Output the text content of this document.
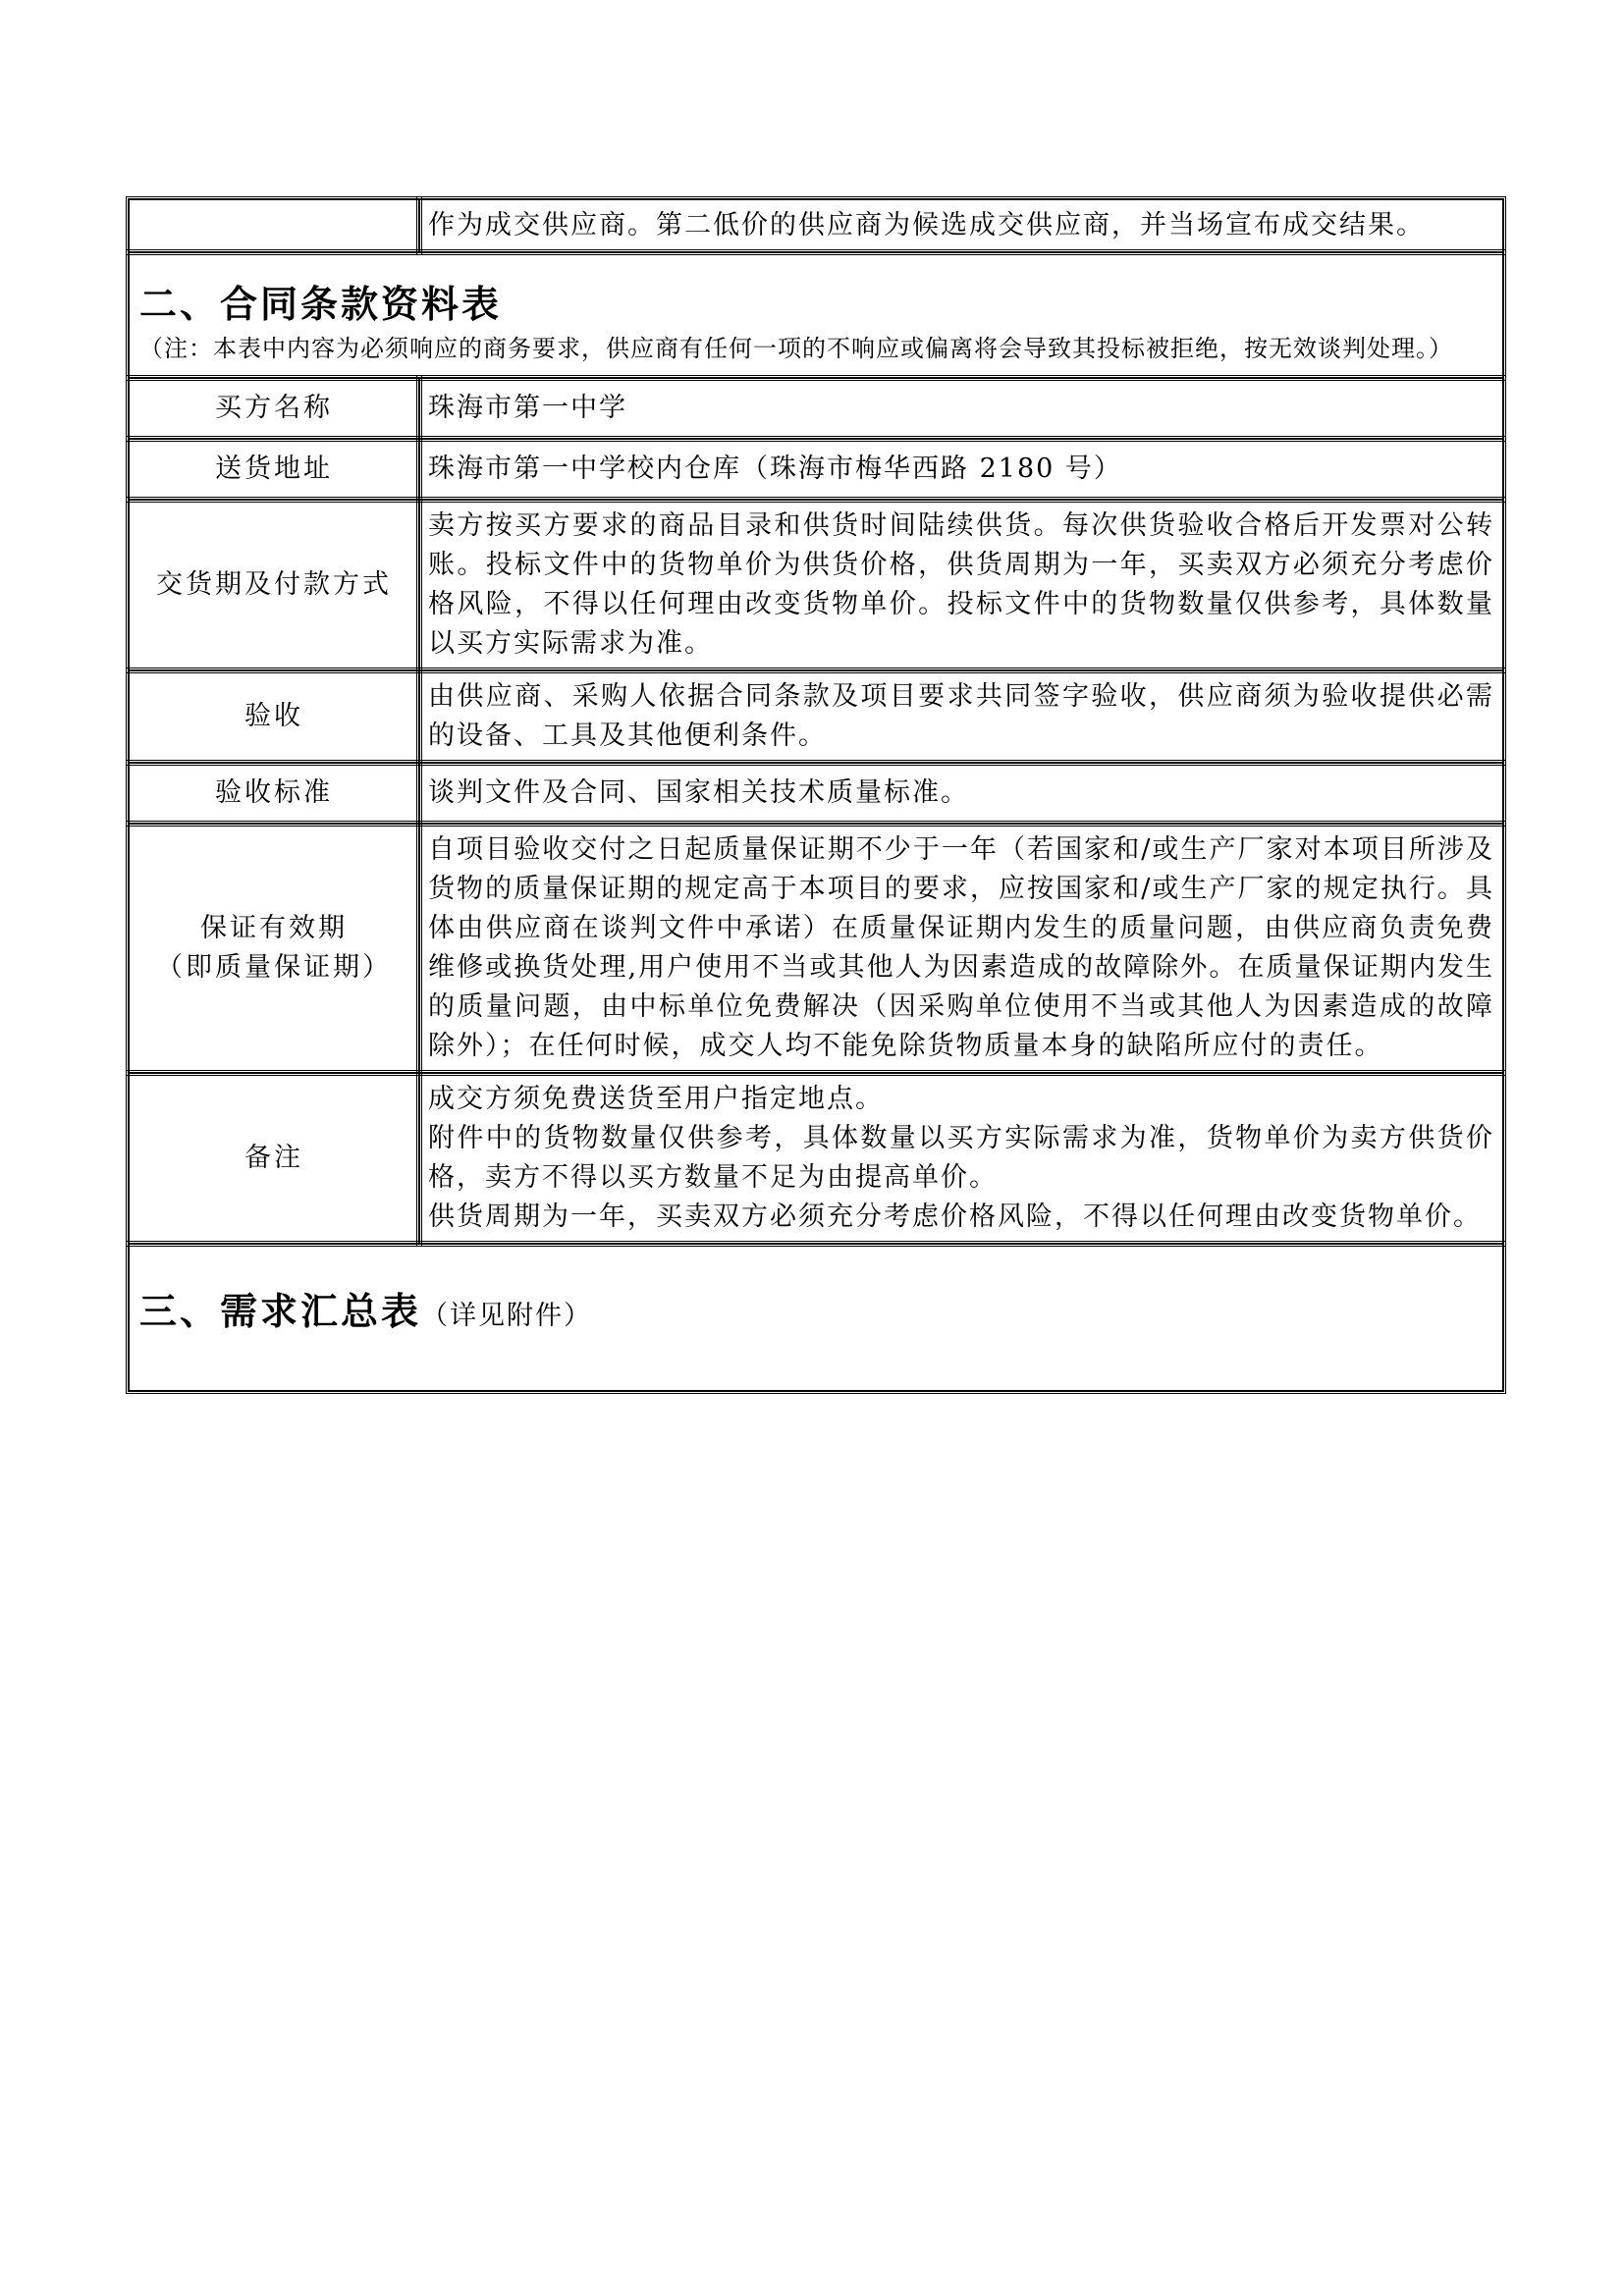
	作为成交供应商。第二低价的供应商为候选成交供应商，并当场宣布成交结果。

二、合同条款资料表
（注：本表中内容为必须响应的商务要求，供应商有任何一项的不响应或偏离将会导致其投标被拒绝，按无效谈判处理。）	

买方名称	珠海市第一中学
送货地址	珠海市第一中学校内仓库（珠海市梅华西路 2180 号）
交货期及付款方式	卖方按买方要求的商品目录和供货时间陆续供货。每次供货验收合格后开发票对公转账。投标文件中的货物单价为供货价格，供货周期为一年，买卖双方必须充分考虑价格风险，不得以任何理由改变货物单价。投标文件中的货物数量仅供参考，具体数量以买方实际需求为准。
验收	由供应商、采购人依据合同条款及项目要求共同签字验收，供应商须为验收提供必需的设备、工具及其他便利条件。
验收标准	谈判文件及合同、国家相关技术质量标准。

保证有效期
（即质量保证期）	自项目验收交付之日起质量保证期不少于一年（若国家和/或生产厂家对本项目所涉及货物的质量保证期的规定高于本项目的要求，应按国家和/或生产厂家的规定执行。具体由供应商在谈判文件中承诺）在质量保证期内发生的质量问题，由供应商负责免费维修或换货处理,用户使用不当或其他人为因素造成的故障除外。在质量保证期内发生的质量问题，由中标单位免费解决（因采购单位使用不当或其他人为因素造成的故障除外）；在任何时候，成交人均不能免除货物质量本身的缺陷所应付的责任。
备注	成交方须免费送货至用户指定地点。
附件中的货物数量仅供参考，具体数量以买方实际需求为准，货物单价为卖方供货价格，卖方不得以买方数量不足为由提高单价。
供货周期为一年，买卖双方必须充分考虑价格风险，不得以任何理由改变货物单价。

三、需求汇总表（详见附件）	
